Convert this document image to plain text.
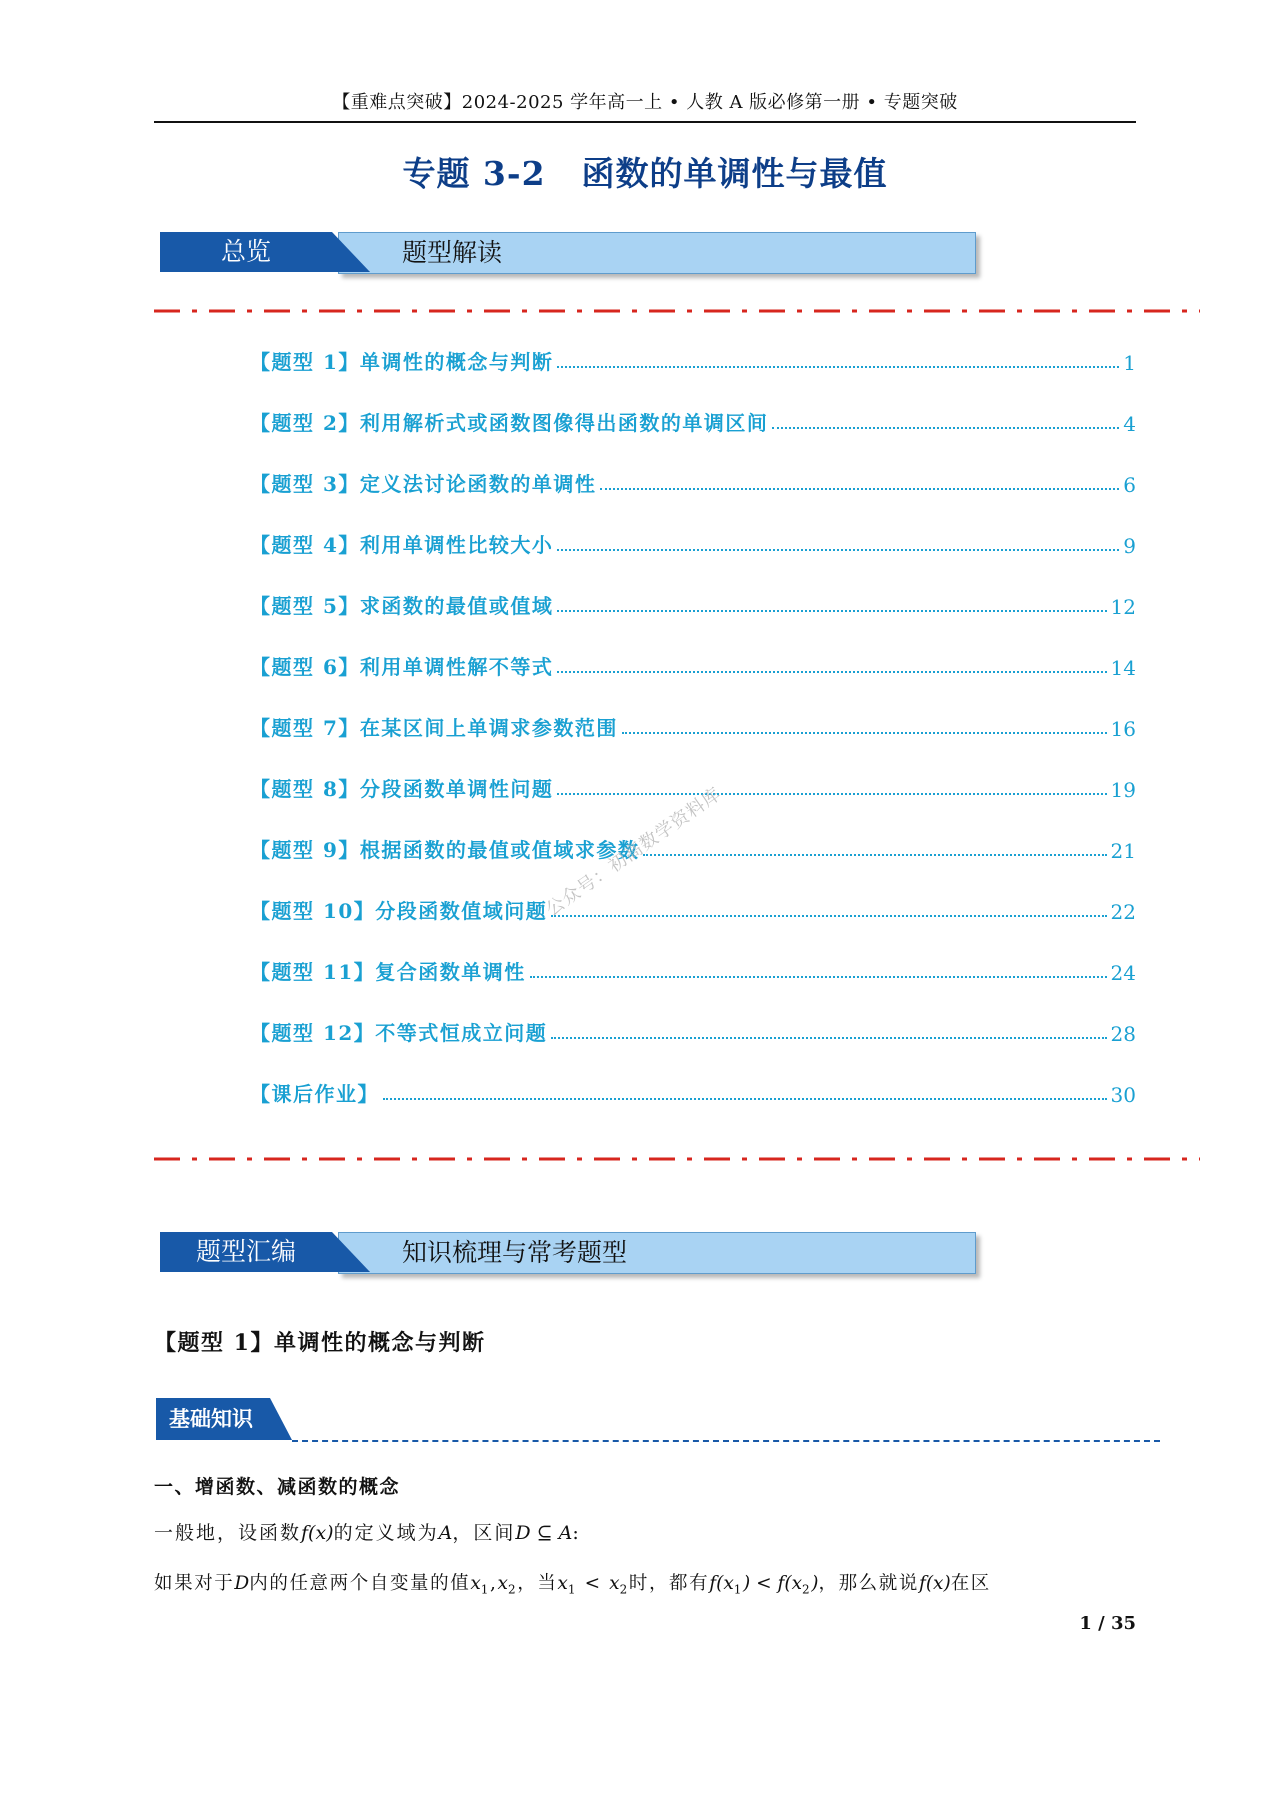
【重难点突破】2024-2025 学年高一上 • 人教 A 版必修第一册 • 专题突破
专题 3-2 函数的单调性与最值
总览	题型解读
【题型 1】单调性的概念与判断	1
【题型 2】利用解析式或函数图像得出函数的单调区间	4
【题型 3】定义法讨论函数的单调性	6
【题型 4】利用单调性比较大小	9
【题型 5】求函数的最值或值域	12
【题型 6】利用单调性解不等式	14
【题型 7】在某区间上单调求参数范围	16
【题型 8】分段函数单调性问题	19
【题型 9】根据函数的最值或值域求参数	21
【题型 10】分段函数值域问题	22
【题型 11】复合函数单调性	24
【题型 12】不等式恒成立问题	28
【课后作业】	30
公众号：初高数学资料库
题型汇编	知识梳理与常考题型
【题型 1】单调性的概念与判断
基础知识
一、增函数、减函数的概念
一般地，设函数f(x)的定义域为A，区间D ⊆ A:
如果对于D内的任意两个自变量的值$x_1,x_2$，当$x_1 < x_2$时，都有$f(x_1) < f(x_2)$，那么就说f(x)在区
1 / 35
